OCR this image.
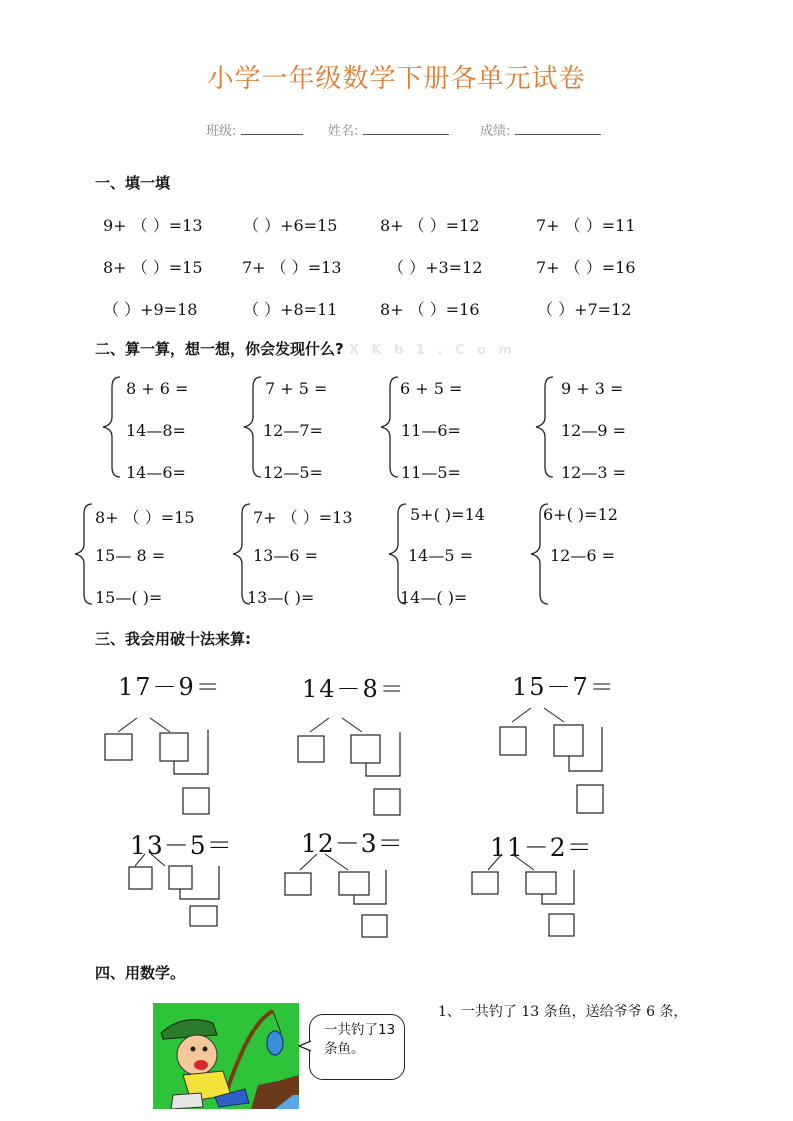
小学一年级数学下册各单元试卷
班级:	姓名:	成绩:
一、填一填
9+ （ ）=13	（ ）+6=15	8+ （ ）=12	7+ （ ）=11
8+ （ ）=15 7+ （ ）=13	（ ）+3=12	7+ （ ）=16
（ ）+9=18	（ ）+8=11	8+ （ ）=16	（ ）+7=12
二、算一算，想一想，你会发现什么? X K b 1 . C o m
8 + 6 =
14—8=
14—6=
7 + 5 =
12—7=
12—5=
6 + 5 =
11—6=
11—5=
9 + 3 =
12—9 =
12—3 =
8+ （ ）=15
15— 8 =
15—( )=
7+ （ ）=13
13—6 =
13—( )=
5+( )=14
14—5 =
14—( )=
6+( )=12
12—6 =
三、我会用破十法来算:
17－9＝	14－8＝	15－7＝
13－5＝	12－3＝	11－2＝
四、用数学。
一共钓了13条鱼。
1、一共钓了 13 条鱼，送给爷爷 6 条，
